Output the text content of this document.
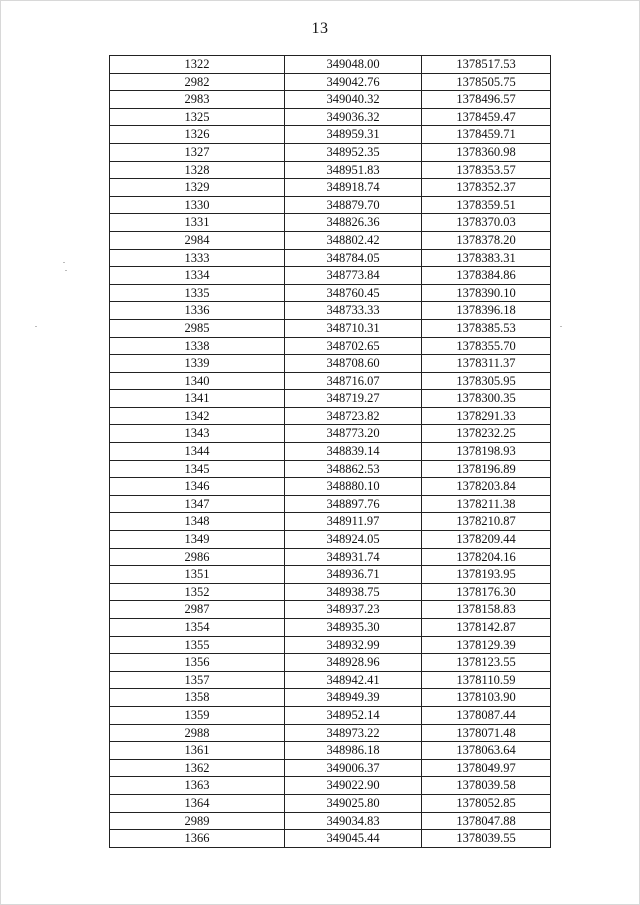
13
1322	349048.00	1378517.53
2982	349042.76	1378505.75
2983	349040.32	1378496.57
1325	349036.32	1378459.47
1326	348959.31	1378459.71
1327	348952.35	1378360.98
1328	348951.83	1378353.57
1329	348918.74	1378352.37
1330	348879.70	1378359.51
1331	348826.36	1378370.03
2984	348802.42	1378378.20
1333	348784.05	1378383.31
1334	348773.84	1378384.86
1335	348760.45	1378390.10
1336	348733.33	1378396.18
2985	348710.31	1378385.53
1338	348702.65	1378355.70
1339	348708.60	1378311.37
1340	348716.07	1378305.95
1341	348719.27	1378300.35
1342	348723.82	1378291.33
1343	348773.20	1378232.25
1344	348839.14	1378198.93
1345	348862.53	1378196.89
1346	348880.10	1378203.84
1347	348897.76	1378211.38
1348	348911.97	1378210.87
1349	348924.05	1378209.44
2986	348931.74	1378204.16
1351	348936.71	1378193.95
1352	348938.75	1378176.30
2987	348937.23	1378158.83
1354	348935.30	1378142.87
1355	348932.99	1378129.39
1356	348928.96	1378123.55
1357	348942.41	1378110.59
1358	348949.39	1378103.90
1359	348952.14	1378087.44
2988	348973.22	1378071.48
1361	348986.18	1378063.64
1362	349006.37	1378049.97
1363	349022.90	1378039.58
1364	349025.80	1378052.85
2989	349034.83	1378047.88
1366	349045.44	1378039.55
